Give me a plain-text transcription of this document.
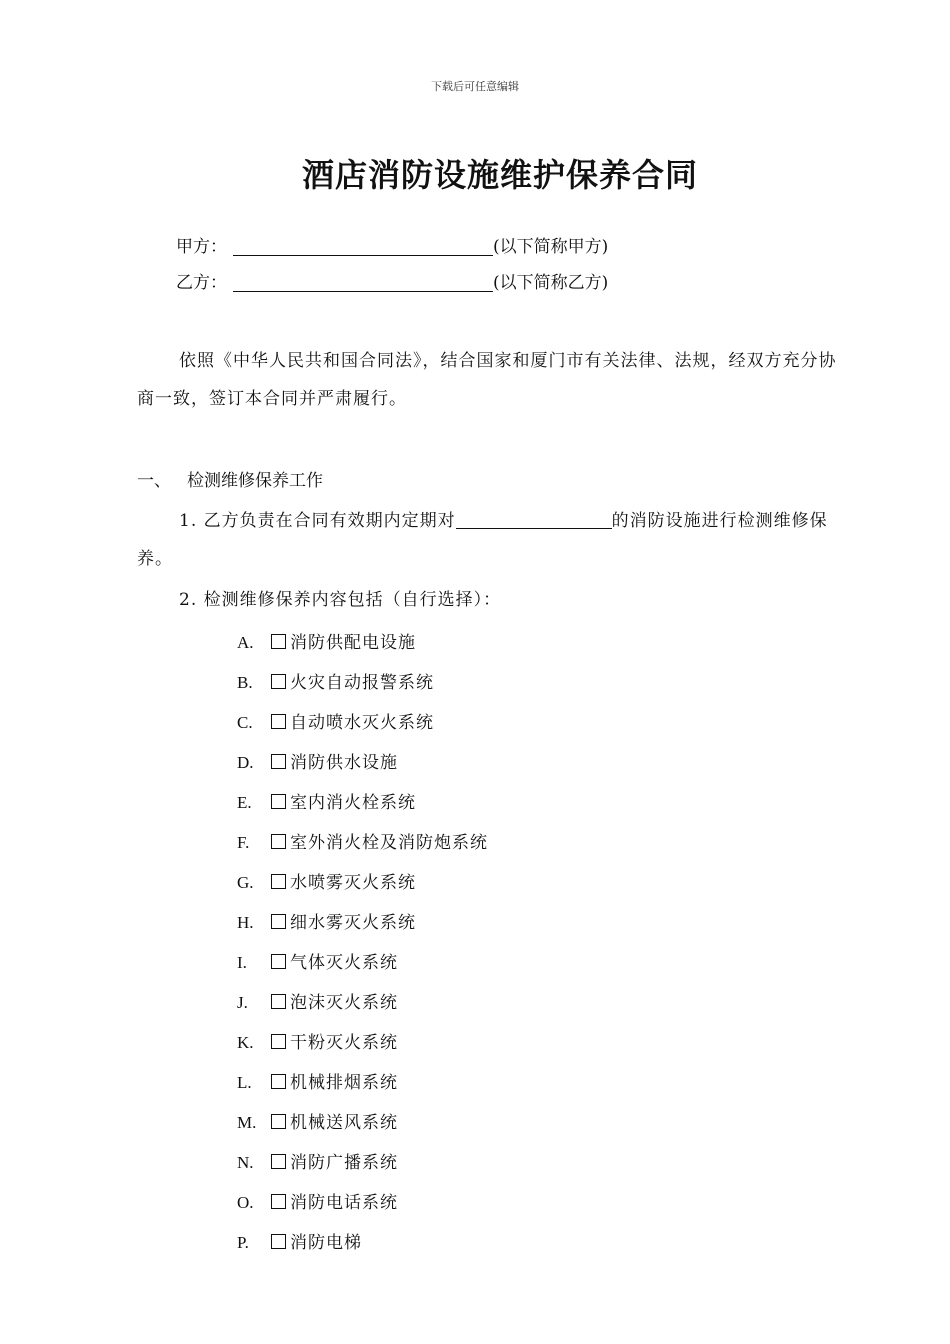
下载后可任意编辑
酒店消防设施维护保养合同
甲方：	(以下简称甲方)
乙方：	(以下简称乙方)
依照《中华人民共和国合同法》，结合国家和厦门市有关法律、法规，经双方充分协商一致，签订本合同并严肃履行。
一、 检测维修保养工作
1. 乙方负责在合同有效期内定期对	的消防设施进行检测维修保养。
2. 检测维修保养内容包括（自行选择）：
A. 消防供配电设施
B. 火灾自动报警系统
C. 自动喷水灭火系统
D. 消防供水设施
E. 室内消火栓系统
F. 室外消火栓及消防炮系统
G. 水喷雾灭火系统
H. 细水雾灭火系统
I.	气体灭火系统
J. 泡沫灭火系统
K. 干粉灭火系统
L. 机械排烟系统
M. 机械送风系统
N. 消防广播系统
O. 消防电话系统
P. 消防电梯
